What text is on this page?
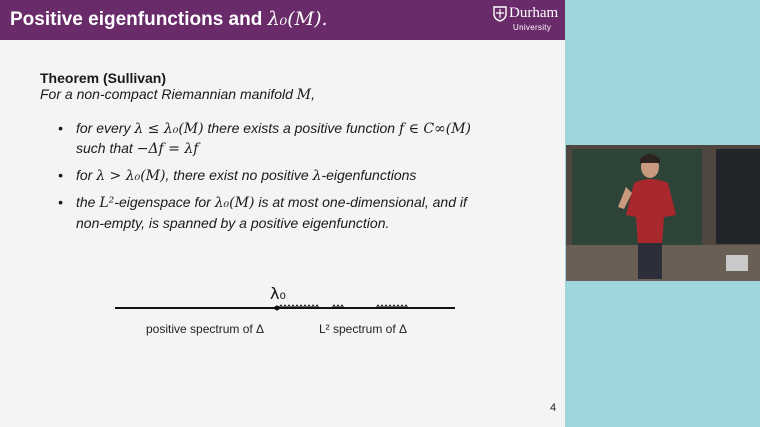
Positive eigenfunctions and λ₀(M).	Durham
University
Theorem (Sullivan)
For a non-compact Riemannian manifold M,
• for every λ ≤ λ₀(M) there exists a positive function f ∈ C∞(M)
such that −Δf = λf
• for λ > λ₀(M), there exist no positive λ-eigenfunctions
• the L²-eigenspace for λ₀(M) is at most one-dimensional, and if
non-empty, is spanned by a positive eigenfunction.
λ₀
positive spectrum of Δ	L² spectrum of Δ
4
